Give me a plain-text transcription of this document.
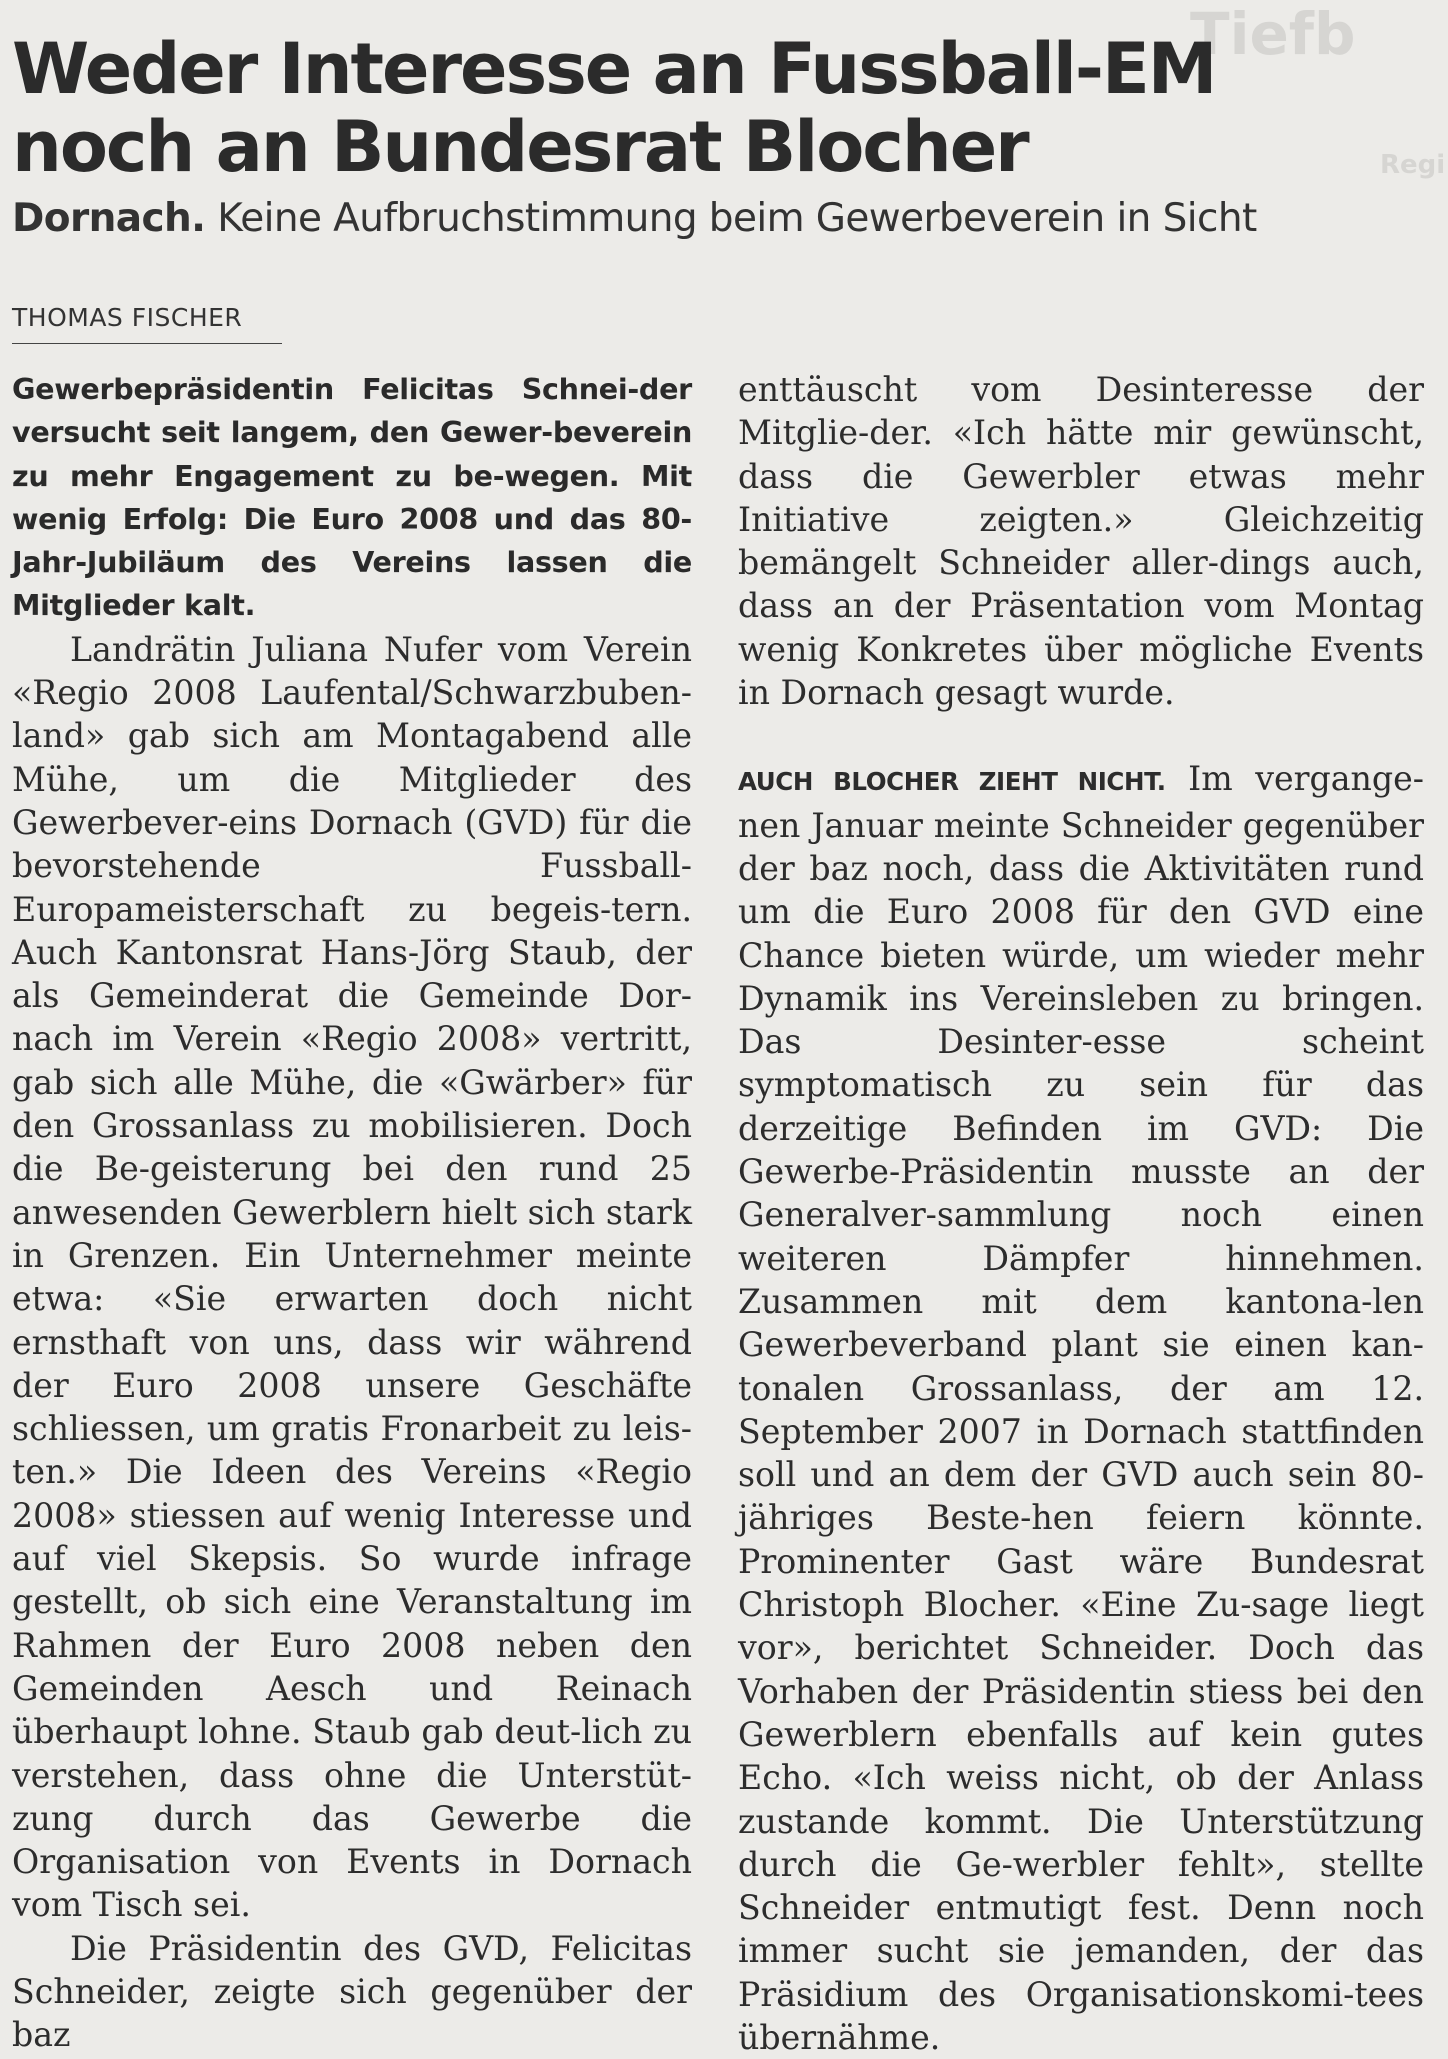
Tiefb
Regi
Weder Interesse an Fussball-EM noch an Bundesrat Blocher
Dornach. Keine Aufbruchstimmung beim Gewerbeverein in Sicht
THOMAS FISCHER

Gewerbepräsidentin Felicitas Schnei-der versucht seit langem, den Gewer-beverein zu mehr Engagement zu be-wegen. Mit wenig Erfolg: Die Euro 2008 und das 80-Jahr-Jubiläum des Vereins lassen die Mitglieder kalt.

Landrätin Juliana Nufer vom Verein «Regio 2008 Laufental/Schwarzbuben-land» gab sich am Montagabend alle Mühe, um die Mitglieder des Gewerbever-eins Dornach (GVD) für die bevorstehende Fussball-Europameisterschaft zu begeis-tern. Auch Kantonsrat Hans-Jörg Staub, der als Gemeinderat die Gemeinde Dor-nach im Verein «Regio 2008» vertritt, gab sich alle Mühe, die «Gwärber» für den Grossanlass zu mobilisieren. Doch die Be-geisterung bei den rund 25 anwesenden Gewerblern hielt sich stark in Grenzen. Ein Unternehmer meinte etwa: «Sie erwarten doch nicht ernsthaft von uns, dass wir während der Euro 2008 unsere Geschäfte schliessen, um gratis Fronarbeit zu leis-ten.» Die Ideen des Vereins «Regio 2008» stiessen auf wenig Interesse und auf viel Skepsis. So wurde infrage gestellt, ob sich eine Veranstaltung im Rahmen der Euro 2008 neben den Gemeinden Aesch und Reinach überhaupt lohne. Staub gab deut-lich zu verstehen, dass ohne die Unterstüt-zung durch das Gewerbe die Organisation von Events in Dornach vom Tisch sei.

Die Präsidentin des GVD, Felicitas Schneider, zeigte sich gegenüber der baz

enttäuscht vom Desinteresse der Mitglie-der. «Ich hätte mir gewünscht, dass die Gewerbler etwas mehr Initiative zeigten.» Gleichzeitig bemängelt Schneider aller-dings auch, dass an der Präsentation vom Montag wenig Konkretes über mögliche Events in Dornach gesagt wurde.

AUCH BLOCHER ZIEHT NICHT. Im vergange-nen Januar meinte Schneider gegenüber der baz noch, dass die Aktivitäten rund um die Euro 2008 für den GVD eine Chance bieten würde, um wieder mehr Dynamik ins Vereinsleben zu bringen. Das Desinter-esse scheint symptomatisch zu sein für das derzeitige Befinden im GVD: Die Gewerbe-Präsidentin musste an der Generalver-sammlung noch einen weiteren Dämpfer hinnehmen. Zusammen mit dem kantona-len Gewerbeverband plant sie einen kan-tonalen Grossanlass, der am 12. September 2007 in Dornach stattfinden soll und an dem der GVD auch sein 80-jähriges Beste-hen feiern könnte. Prominenter Gast wäre Bundesrat Christoph Blocher. «Eine Zu-sage liegt vor», berichtet Schneider. Doch das Vorhaben der Präsidentin stiess bei den Gewerblern ebenfalls auf kein gutes Echo. «Ich weiss nicht, ob der Anlass zustande kommt. Die Unterstützung durch die Ge-werbler fehlt», stellte Schneider entmutigt fest. Denn noch immer sucht sie jemanden, der das Präsidium des Organisationskomi-tees übernähme.
